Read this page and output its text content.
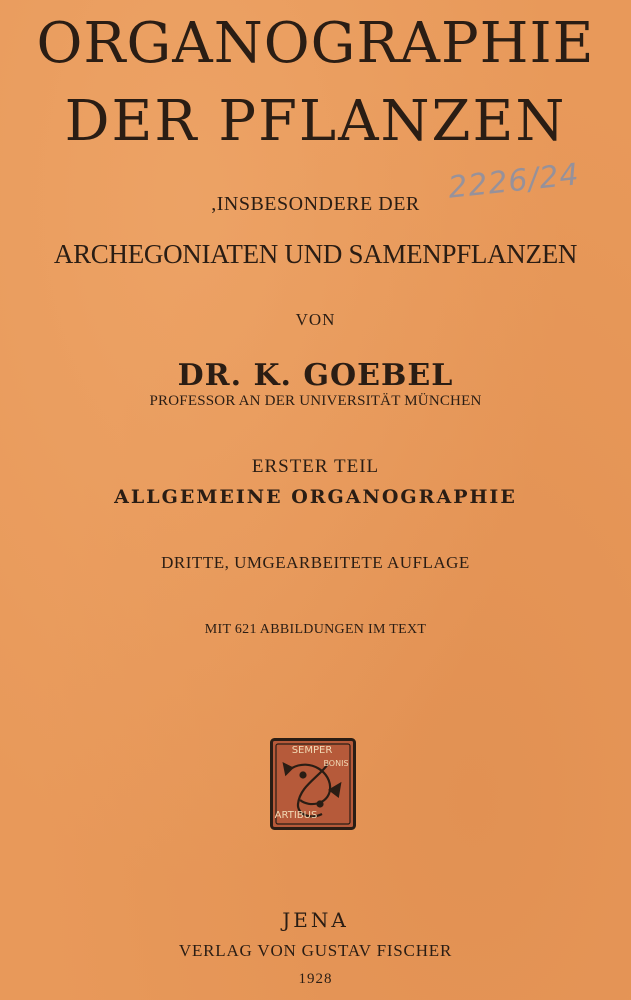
ORGANOGRAPHIE
DER PFLANZEN
2226/24
,INSBESONDERE DER
ARCHEGONIATEN UND SAMENPFLANZEN
VON
DR. K. GOEBEL
PROFESSOR AN DER UNIVERSITÄT MÜNCHEN
ERSTER TEIL
ALLGEMEINE ORGANOGRAPHIE
DRITTE, UMGEARBEITETE AUFLAGE
MIT 621 ABBILDUNGEN IM TEXT
SEMPER
BONIS
ARTIBUS
JENA
VERLAG VON GUSTAV FISCHER
1928
